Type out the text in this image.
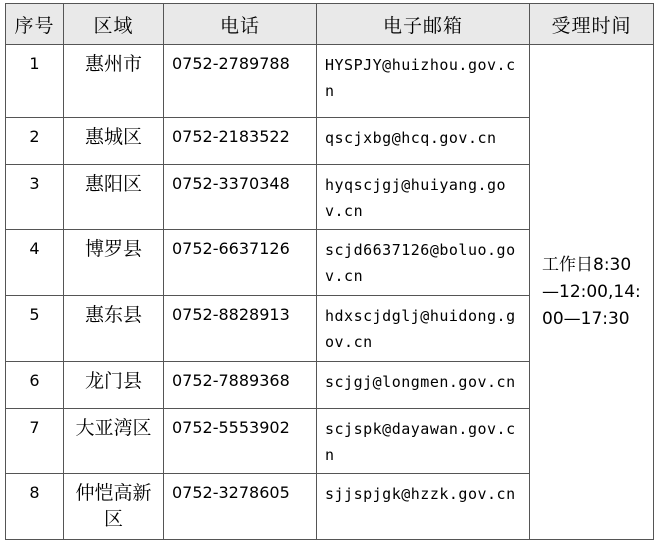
序号	区域	电话	电子邮箱	受理时间
1	惠州市	0752-2789788	HYSPJY@huizhou.gov.cn	工作日8:30—12:00,14:00—17:30
2	惠城区	0752-2183522	qscjxbg@hcq.gov.cn	
3	惠阳区	0752-3370348	hyqscjgj@huiyang.gov.cn	
4	博罗县	0752-6637126	scjd6637126@boluo.gov.cn	
5	惠东县	0752-8828913	hdxscjdglj@huidong.gov.cn	
6	龙门县	0752-7889368	scjgj@longmen.gov.cn	
7	大亚湾区	0752-5553902	scjspk@dayawan.gov.cn	
8	仲恺高新区	0752-3278605	sjjspjgk@hzzk.gov.cn	
